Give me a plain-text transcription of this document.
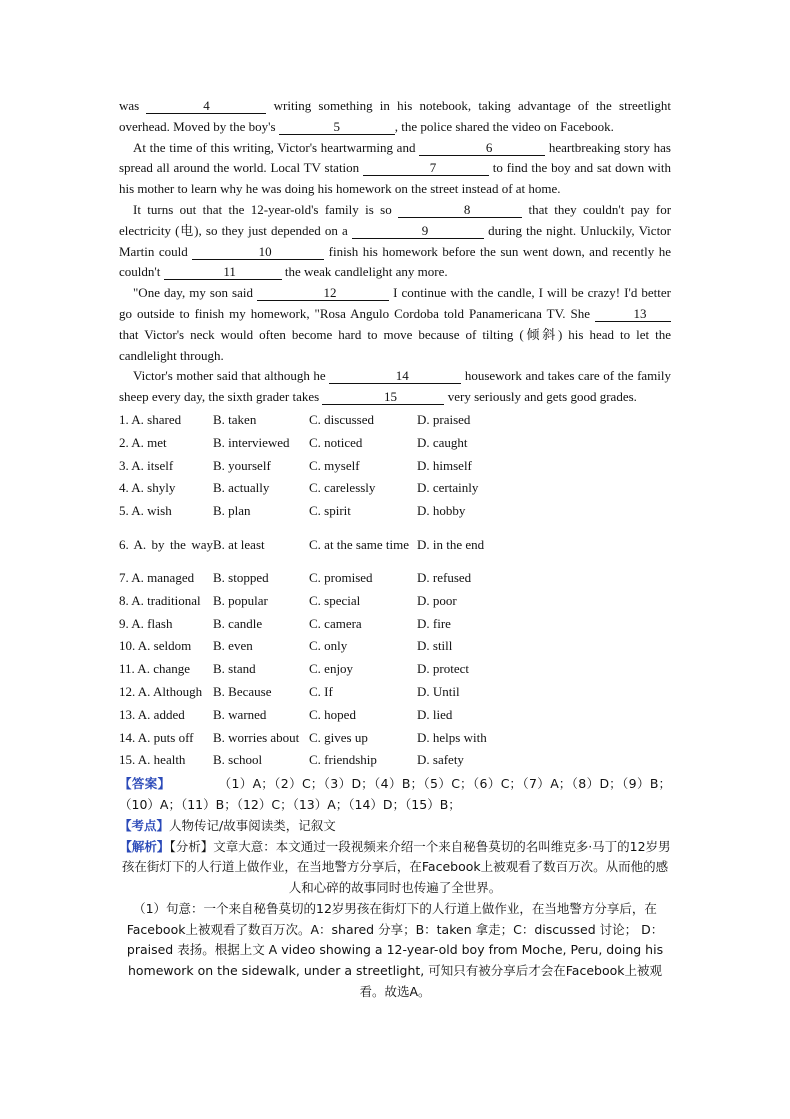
was	4	writing something in his notebook, taking advantage of the streetlight overhead. Moved by the boy's	5	, the police shared the video on Facebook.

At the time of this writing, Victor's heartwarming and	6	heartbreaking story has spread all around the world. Local TV station	7	to find the boy and sat down with his mother to learn why he was doing his homework on the street instead of at home.

It turns out that the 12-year-old's family is so	8	that they couldn't pay for electricity (电), so they just depended on a	9	during the night. Unluckily, Victor Martin could	10	finish his homework before the sun went down, and recently he couldn't	11	the weak candlelight any more.

"One day, my son said	12	I continue with the candle, I will be crazy! I'd better go outside to finish my homework, "Rosa Angulo Cordoba told Panamericana TV. She	13 that Victor's neck would often become hard to move because of tilting (倾斜) his head to let the candlelight through.

Victor's mother said that although he	14	housework and takes care of the family sheep every day, the sixth grader takes	15	very seriously and gets good grades.

1. A. shared	B. taken	C. discussed	D. praised
2. A. met	B. interviewed	C. noticed	D. caught
3. A. itself	B. yourself	C. myself	D. himself
4. A. shyly	B. actually	C. carelessly	D. certainly
5. A. wish	B. plan	C. spirit	D. hobby
6. A. by the way B. at least	C. at the same time D. in the end
7. A. managed	B. stopped	C. promised	D. refused
8. A. traditional B. popular	C. special	D. poor
9. A. flash	B. candle	C. camera	D. fire
10. A. seldom	B. even	C. only	D. still
11. A. change	B. stand	C. enjoy	D. protect
12. A. Although B. Because	C. If	D. Until
13. A. added	B. warned	C. hoped	D. lied
14. A. puts off	B. worries about C. gives up	D. helps with
15. A. health	B. school	C. friendship	D. safety

【答案】	（1）A；（2）C；（3）D；（4）B；（5）C；（6）C；（7）A；（8）D；（9）B；（10）A；（11）B；（12）C；（13）A；（14）D；（15）B；

【考点】人物传记/故事阅读类，记叙文

【解析】【分析】文章大意：本文通过一段视频来介绍一个来自秘鲁莫切的名叫维克多·马丁的12岁男孩在街灯下的人行道上做作业，在当地警方分享后，在Facebook上被观看了数百万次。从而他的感人和心碎的故事同时也传遍了全世界。

（1）句意：一个来自秘鲁莫切的12岁男孩在街灯下的人行道上做作业，在当地警方分享后，在Facebook上被观看了数百万次。A：shared 分享；B：taken 拿走；C：discussed 讨论； D：praised 表扬。根据上文 A video showing a 12-year-old boy from Moche, Peru, doing his homework on the sidewalk, under a streetlight, 可知只有被分享后才会在Facebook上被观看。故选A。
